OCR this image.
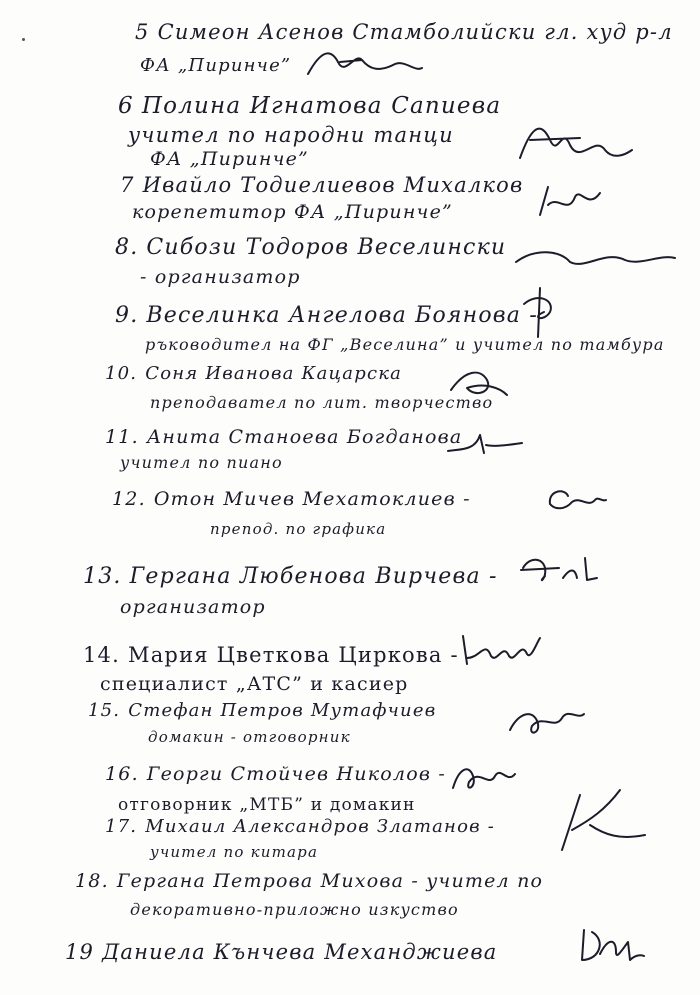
5 Симеон Асенов Стамболийски гл. худ р-л
ФА „Пиринче”
6 Полина Игнатова Сапиева
учител по народни танци
ФА „Пиринче”
7 Ивайло Тодиелиевов Михалков
корепетитор ФА „Пиринче”
8. Сибози Тодоров Веселински
- организатор
9. Веселинка Ангелова Боянова -
ръководител на ФГ „Веселина” и учител по тамбура
10. Соня Иванова Кацарска
преподавател по лит. творчество
11. Анита Станоева Богданова
учител по пиано
12. Отон Мичев Мехатоклиев -
препод. по графика
13. Гергана Любенова Вирчева -
организатор
14. Мария Цветкова Циркова -
специалист „АТС” и касиер
15. Стефан Петров Мутафчиев
домакин - отговорник
16. Георги Стойчев Николов -
отговорник „МТБ” и домакин
17. Михаил Александров Златанов -
учител по китара
18. Гергана Петрова Михова - учител по
декоративно-приложно изкуство
19 Даниела Кънчева Механджиева
